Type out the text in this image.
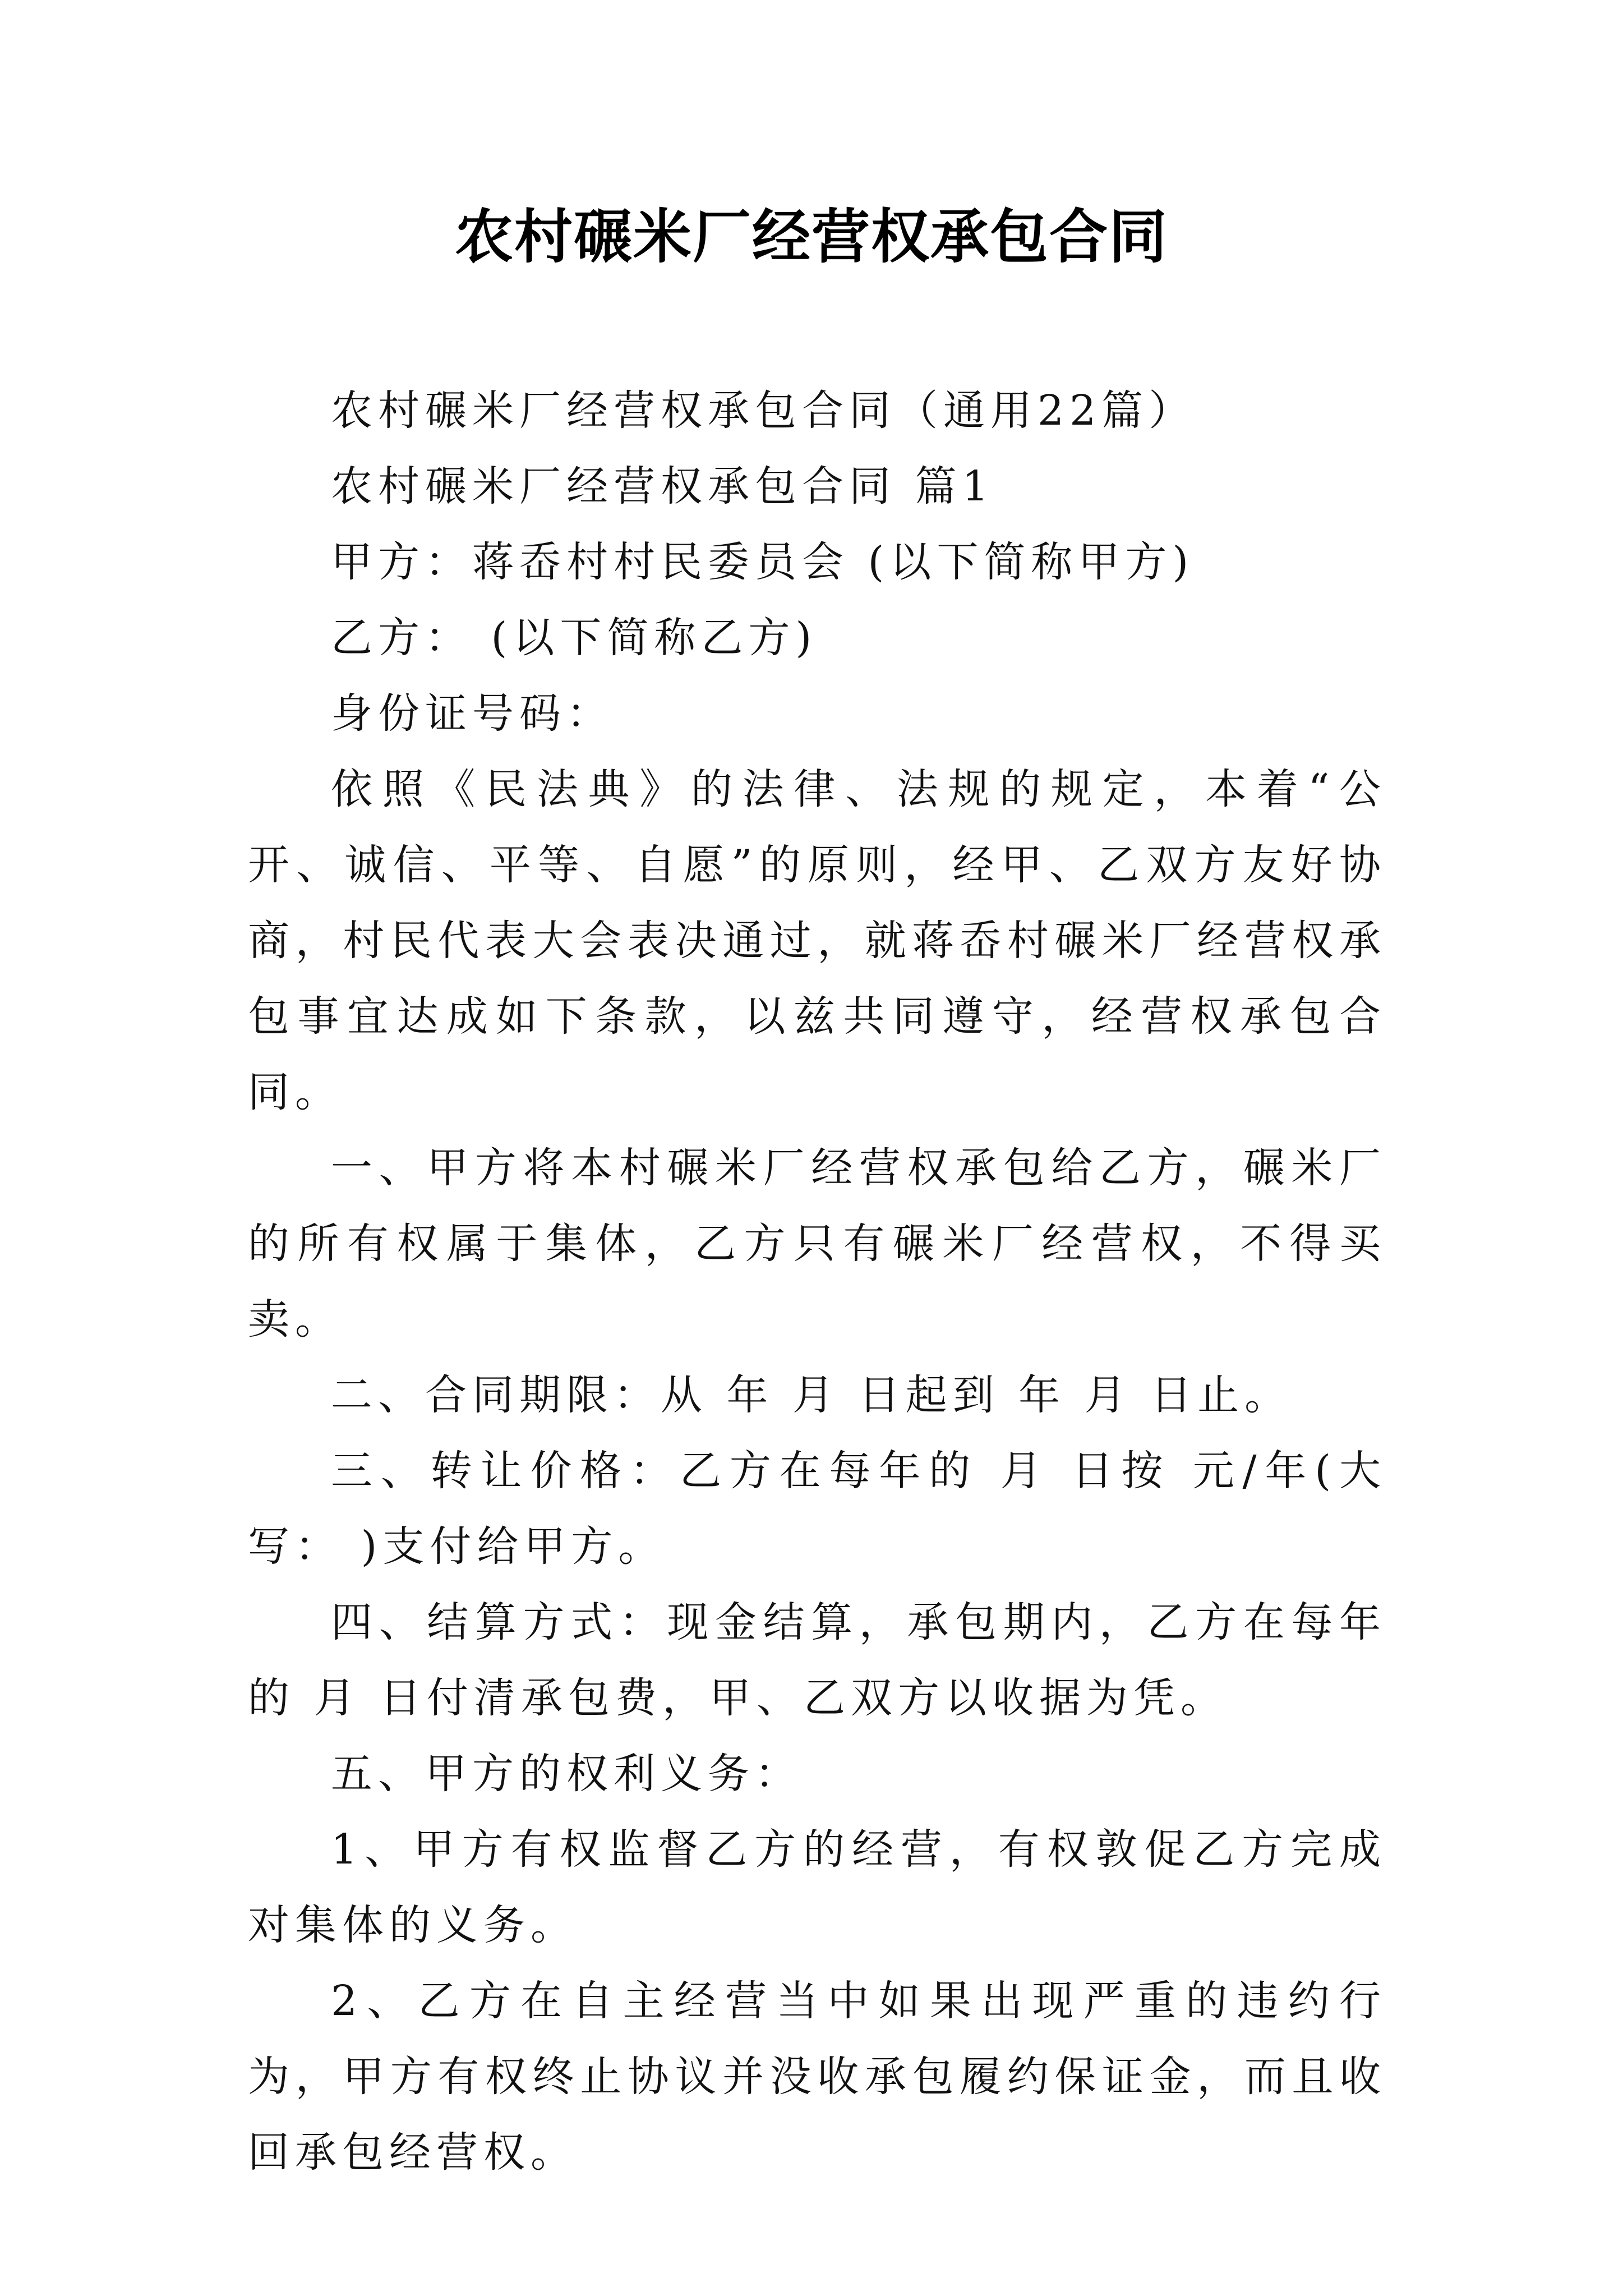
农村碾米厂经营权承包合同

农村碾米厂经营权承包合同（通用22篇）

农村碾米厂经营权承包合同 篇1

甲方：蒋岙村村民委员会 (以下简称甲方)

乙方： (以下简称乙方)

身份证号码：

依照《民法典》的法律、法规的规定，本着“公开、诚信、平等、自愿”的原则，经甲、乙双方友好协商，村民代表大会表决通过，就蒋岙村碾米厂经营权承包事宜达成如下条款，以兹共同遵守，经营权承包合同。

一、甲方将本村碾米厂经营权承包给乙方，碾米厂的所有权属于集体，乙方只有碾米厂经营权，不得买卖。

二、合同期限：从 年 月 日起到 年 月 日止。

三、转让价格：乙方在每年的 月 日按 元/年(大写： )支付给甲方。

四、结算方式：现金结算，承包期内，乙方在每年的 月 日付清承包费，甲、乙双方以收据为凭。

五、甲方的权利义务：

1、甲方有权监督乙方的经营，有权敦促乙方完成对集体的义务。

2、乙方在自主经营当中如果出现严重的违约行为，甲方有权终止协议并没收承包履约保证金，而且收回承包经营权。
